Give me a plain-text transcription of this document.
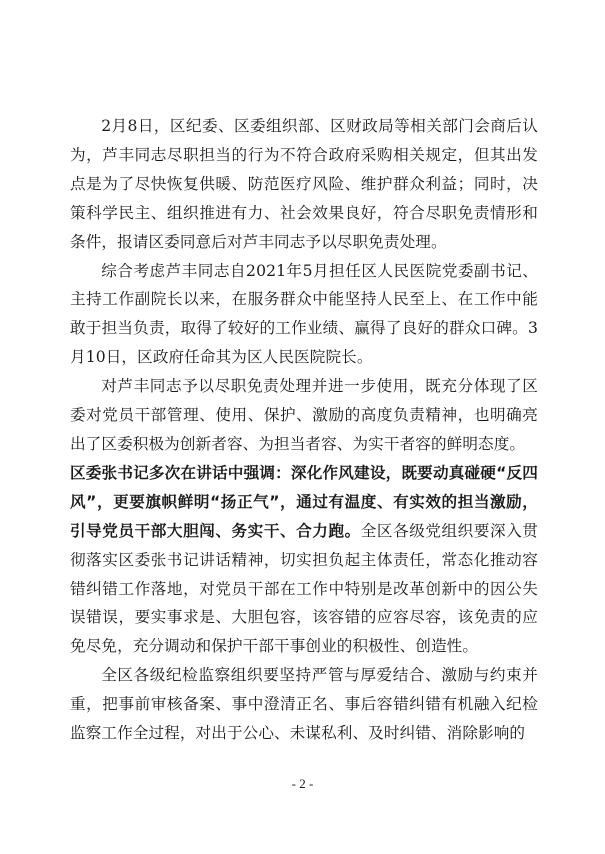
2月8日，区纪委、区委组织部、区财政局等相关部门会商后认为，芦丰同志尽职担当的行为不符合政府采购相关规定，但其出发点是为了尽快恢复供暖、防范医疗风险、维护群众利益；同时，决策科学民主、组织推进有力、社会效果良好，符合尽职免责情形和条件，报请区委同意后对芦丰同志予以尽职免责处理。

综合考虑芦丰同志自2021年5月担任区人民医院党委副书记、主持工作副院长以来，在服务群众中能坚持人民至上、在工作中能敢于担当负责，取得了较好的工作业绩、赢得了良好的群众口碑。3月10日，区政府任命其为区人民医院院长。

对芦丰同志予以尽职免责处理并进一步使用，既充分体现了区委对党员干部管理、使用、保护、激励的高度负责精神，也明确亮出了区委积极为创新者容、为担当者容、为实干者容的鲜明态度。

区委张书记多次在讲话中强调：深化作风建设，既要动真碰硬“反四风”，更要旗帜鲜明“扬正气”，通过有温度、有实效的担当激励，引导党员干部大胆闯、务实干、合力跑。全区各级党组织要深入贯彻落实区委张书记讲话精神，切实担负起主体责任，常态化推动容错纠错工作落地，对党员干部在工作中特别是改革创新中的因公失误错误，要实事求是、大胆包容，该容错的应容尽容，该免责的应免尽免，充分调动和保护干部干事创业的积极性、创造性。

全区各级纪检监察组织要坚持严管与厚爱结合、激励与约束并重，把事前审核备案、事中澄清正名、事后容错纠错有机融入纪检监察工作全过程，对出于公心、未谋私利、及时纠错、消除影响的

- 2 -
